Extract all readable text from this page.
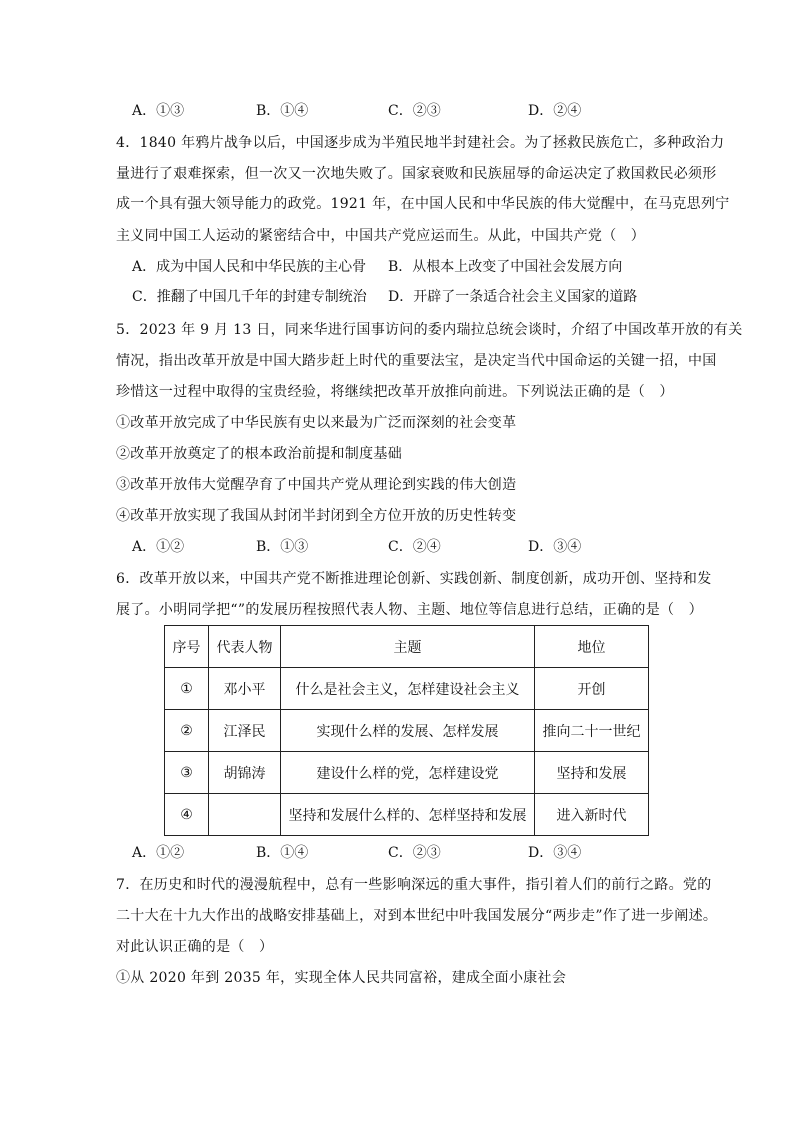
A．①③	B．①④	C．②③	D．②④
4．1840 年鸦片战争以后，中国逐步成为半殖民地半封建社会。为了拯救民族危亡，多种政治力
量进行了艰难探索，但一次又一次地失败了。国家衰败和民族屈辱的命运决定了救国救民必须形
成一个具有强大领导能力的政党。1921 年，在中国人民和中华民族的伟大觉醒中，在马克思列宁
主义同中国工人运动的紧密结合中，中国共产党应运而生。从此，中国共产党（　）
A．成为中国人民和中华民族的主心骨 B．从根本上改变了中国社会发展方向
C．推翻了中国几千年的封建专制统治 D．开辟了一条适合社会主义国家的道路
5．2023 年 9 月 13 日，同来华进行国事访问的委内瑞拉总统会谈时，介绍了中国改革开放的有关
情况，指出改革开放是中国大踏步赶上时代的重要法宝，是决定当代中国命运的关键一招，中国
珍惜这一过程中取得的宝贵经验，将继续把改革开放推向前进。下列说法正确的是（　）
①改革开放完成了中华民族有史以来最为广泛而深刻的社会变革
②改革开放奠定了的根本政治前提和制度基础
③改革开放伟大觉醒孕育了中国共产党从理论到实践的伟大创造
④改革开放实现了我国从封闭半封闭到全方位开放的历史性转变
A．①②	B．①③	C．②④	D．③④
6．改革开放以来，中国共产党不断推进理论创新、实践创新、制度创新，成功开创、坚持和发
展了。小明同学把“”的发展历程按照代表人物、主题、地位等信息进行总结，正确的是（　）
序号	代表人物	主题	地位
①	邓小平	什么是社会主义，怎样建设社会主义	开创
②	江泽民	实现什么样的发展、怎样发展	推向二十一世纪
③	胡锦涛	建设什么样的党，怎样建设党	坚持和发展
④		坚持和发展什么样的、怎样坚持和发展	进入新时代
A．①②	B．①④	C．②③	D．③④
7．在历史和时代的漫漫航程中，总有一些影响深远的重大事件，指引着人们的前行之路。党的
二十大在十九大作出的战略安排基础上，对到本世纪中叶我国发展分“两步走”作了进一步阐述。
对此认识正确的是（　）
①从 2020 年到 2035 年，实现全体人民共同富裕，建成全面小康社会
